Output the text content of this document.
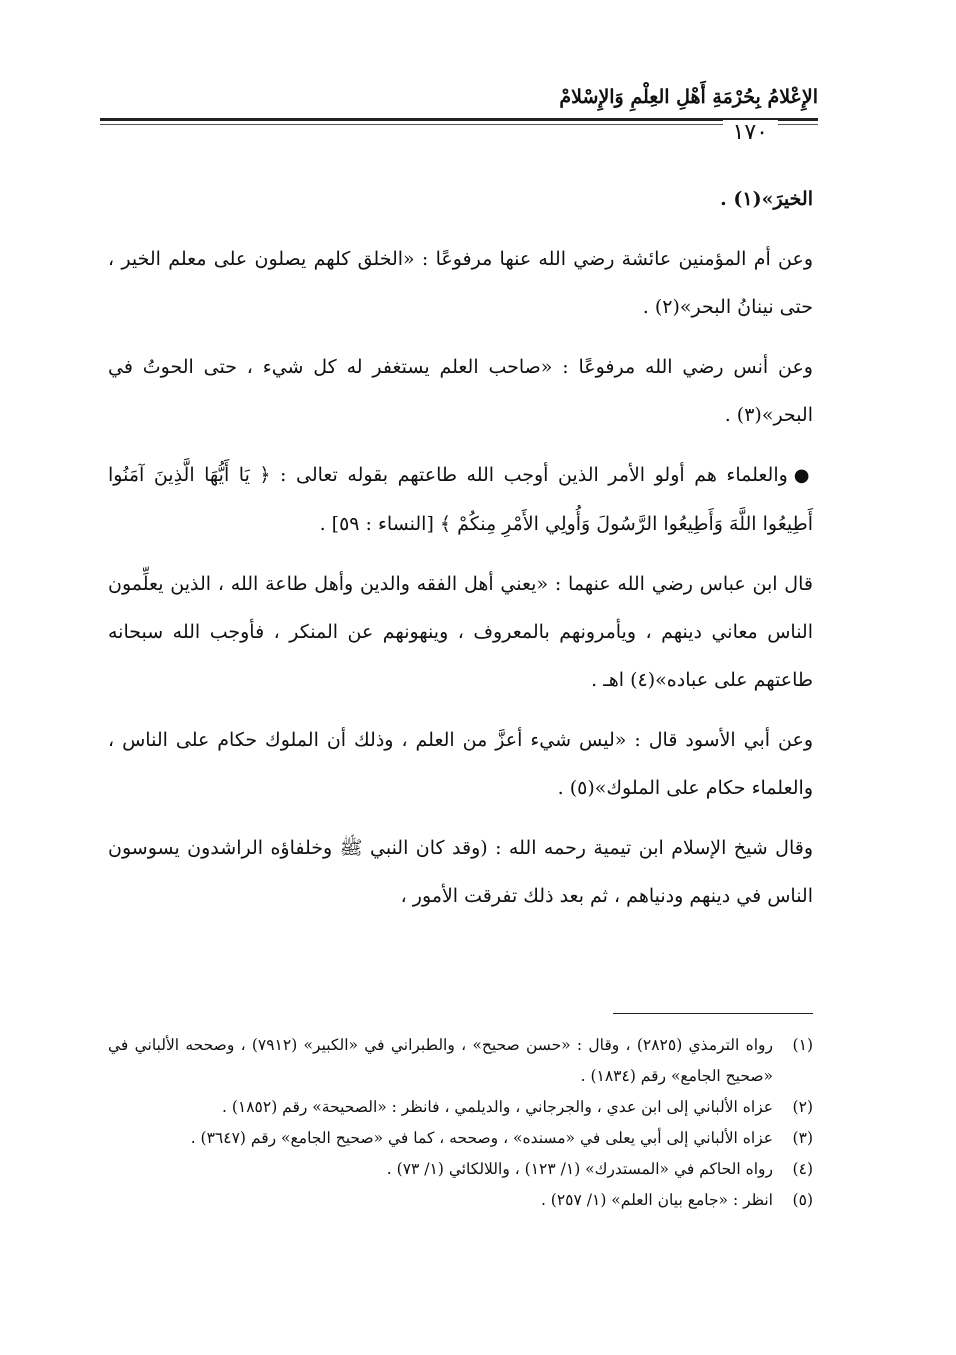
الإِعْلامُ بِحُرْمَةِ أَهْلِ العِلْمِ وَالإِسْلامْ
١٧٠

الخيرَ»(١) .

وعن أم المؤمنين عائشة رضي الله عنها مرفوعًا : «الخلق كلهم يصلون على معلم الخير ، حتى نينانُ البحر»(٢) .

وعن أنس رضي الله مرفوعًا : «صاحب العلم يستغفر له كل شيء ، حتى الحوتُ في البحر»(٣) .

●والعلماء هم أولو الأمر الذين أوجب الله طاعتهم بقوله تعالى : ﴿ يَا أَيُّهَا الَّذِينَ آمَنُوا أَطِيعُوا اللَّهَ وَأَطِيعُوا الرَّسُولَ وَأُولِي الأَمْرِ مِنكُمْ ﴾ [النساء : ٥٩] .

قال ابن عباس رضي الله عنهما : «يعني أهل الفقه والدين وأهل طاعة الله ، الذين يعلِّمون الناس معاني دينهم ، ويأمرونهم بالمعروف ، وينهونهم عن المنكر ، فأوجب الله سبحانه طاعتهم على عباده»(٤) اهـ .

وعن أبي الأسود قال : «ليس شيء أعزَّ من العلم ، وذلك أن الملوك حكام على الناس ، والعلماء حكام على الملوك»(٥) .

وقال شيخ الإسلام ابن تيمية رحمه الله : (وقد كان النبي ﷺ وخلفاؤه الراشدون يسوسون الناس في دينهم ودنياهم ، ثم بعد ذلك تفرقت الأمور ،

(١)رواه الترمذي (٢٨٢٥) ، وقال : «حسن صحيح» ، والطبراني في «الكبير» (٧٩١٢) ، وصححه الألباني في «صحيح الجامع» رقم (١٨٣٤) .

(٢)عزاه الألباني إلى ابن عدي ، والجرجاني ، والديلمي ، فانظر : «الصحيحة» رقم (١٨٥٢) .

(٣)عزاه الألباني إلى أبي يعلى في «مسنده» ، وصححه ، كما في «صحيح الجامع» رقم (٣٦٤٧) .

(٤)رواه الحاكم في «المستدرك» (١/ ١٢٣) ، واللالكائي (١/ ٧٣) .

(٥)انظر : «جامع بيان العلم» (١/ ٢٥٧) .
